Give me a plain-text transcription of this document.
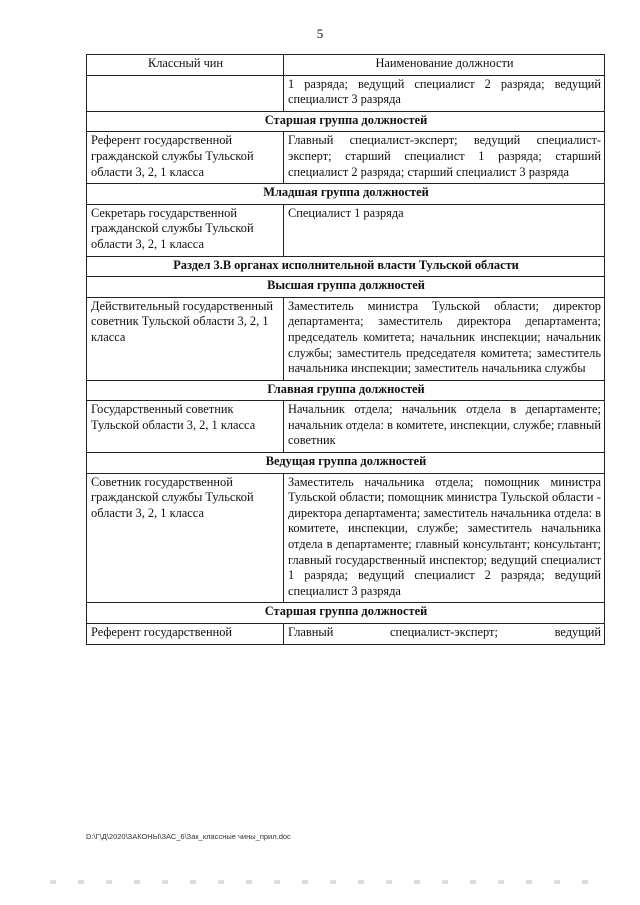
5
Классный чин	Наименование должности
	1 разряда; ведущий специалист 2 разряда; ведущий специалист 3 разряда
Старшая группа должностей	
Референт государственной гражданской службы Тульской области 3, 2, 1 класса	Главный специалист-эксперт; ведущий специалист-эксперт; старший специалист 1 разряда; старший специалист 2 разряда; старший специалист 3 разряда
Младшая группа должностей	
Секретарь государственной гражданской службы Тульской области 3, 2, 1 класса	Специалист 1 разряда
Раздел 3.В органах исполнительной власти Тульской области	
Высшая группа должностей	
Действительный государственный советник Тульской области 3, 2, 1 класса	Заместитель министра Тульской области; директор департамента; заместитель директора департамента; председатель комитета; начальник инспекции; начальник службы; заместитель председателя комитета; заместитель начальника инспекции; заместитель начальника службы
Главная группа должностей	
Государственный советник Тульской области 3, 2, 1 класса	Начальник отдела; начальник отдела в департаменте; начальник отдела: в комитете, инспекции, службе; главный советник
Ведущая группа должностей	
Советник государственной гражданской службы Тульской области 3, 2, 1 класса	Заместитель начальника отдела; помощник министра Тульской области; помощник министра Тульской области - директора департамента; заместитель начальника отдела: в комитете, инспекции, службе; заместитель начальника отдела в департаменте; главный консультант; консультант; главный государственный инспектор; ведущий специалист 1 разряда; ведущий специалист 2 разряда; ведущий специалист 3 разряда
Старшая группа должностей	
Референт государственной	Главный специалист-эксперт; ведущий
D:\Г\Д\2020\ЗАКОНЫ\ЗАС_6\Зак_классные чины_прил.doc
